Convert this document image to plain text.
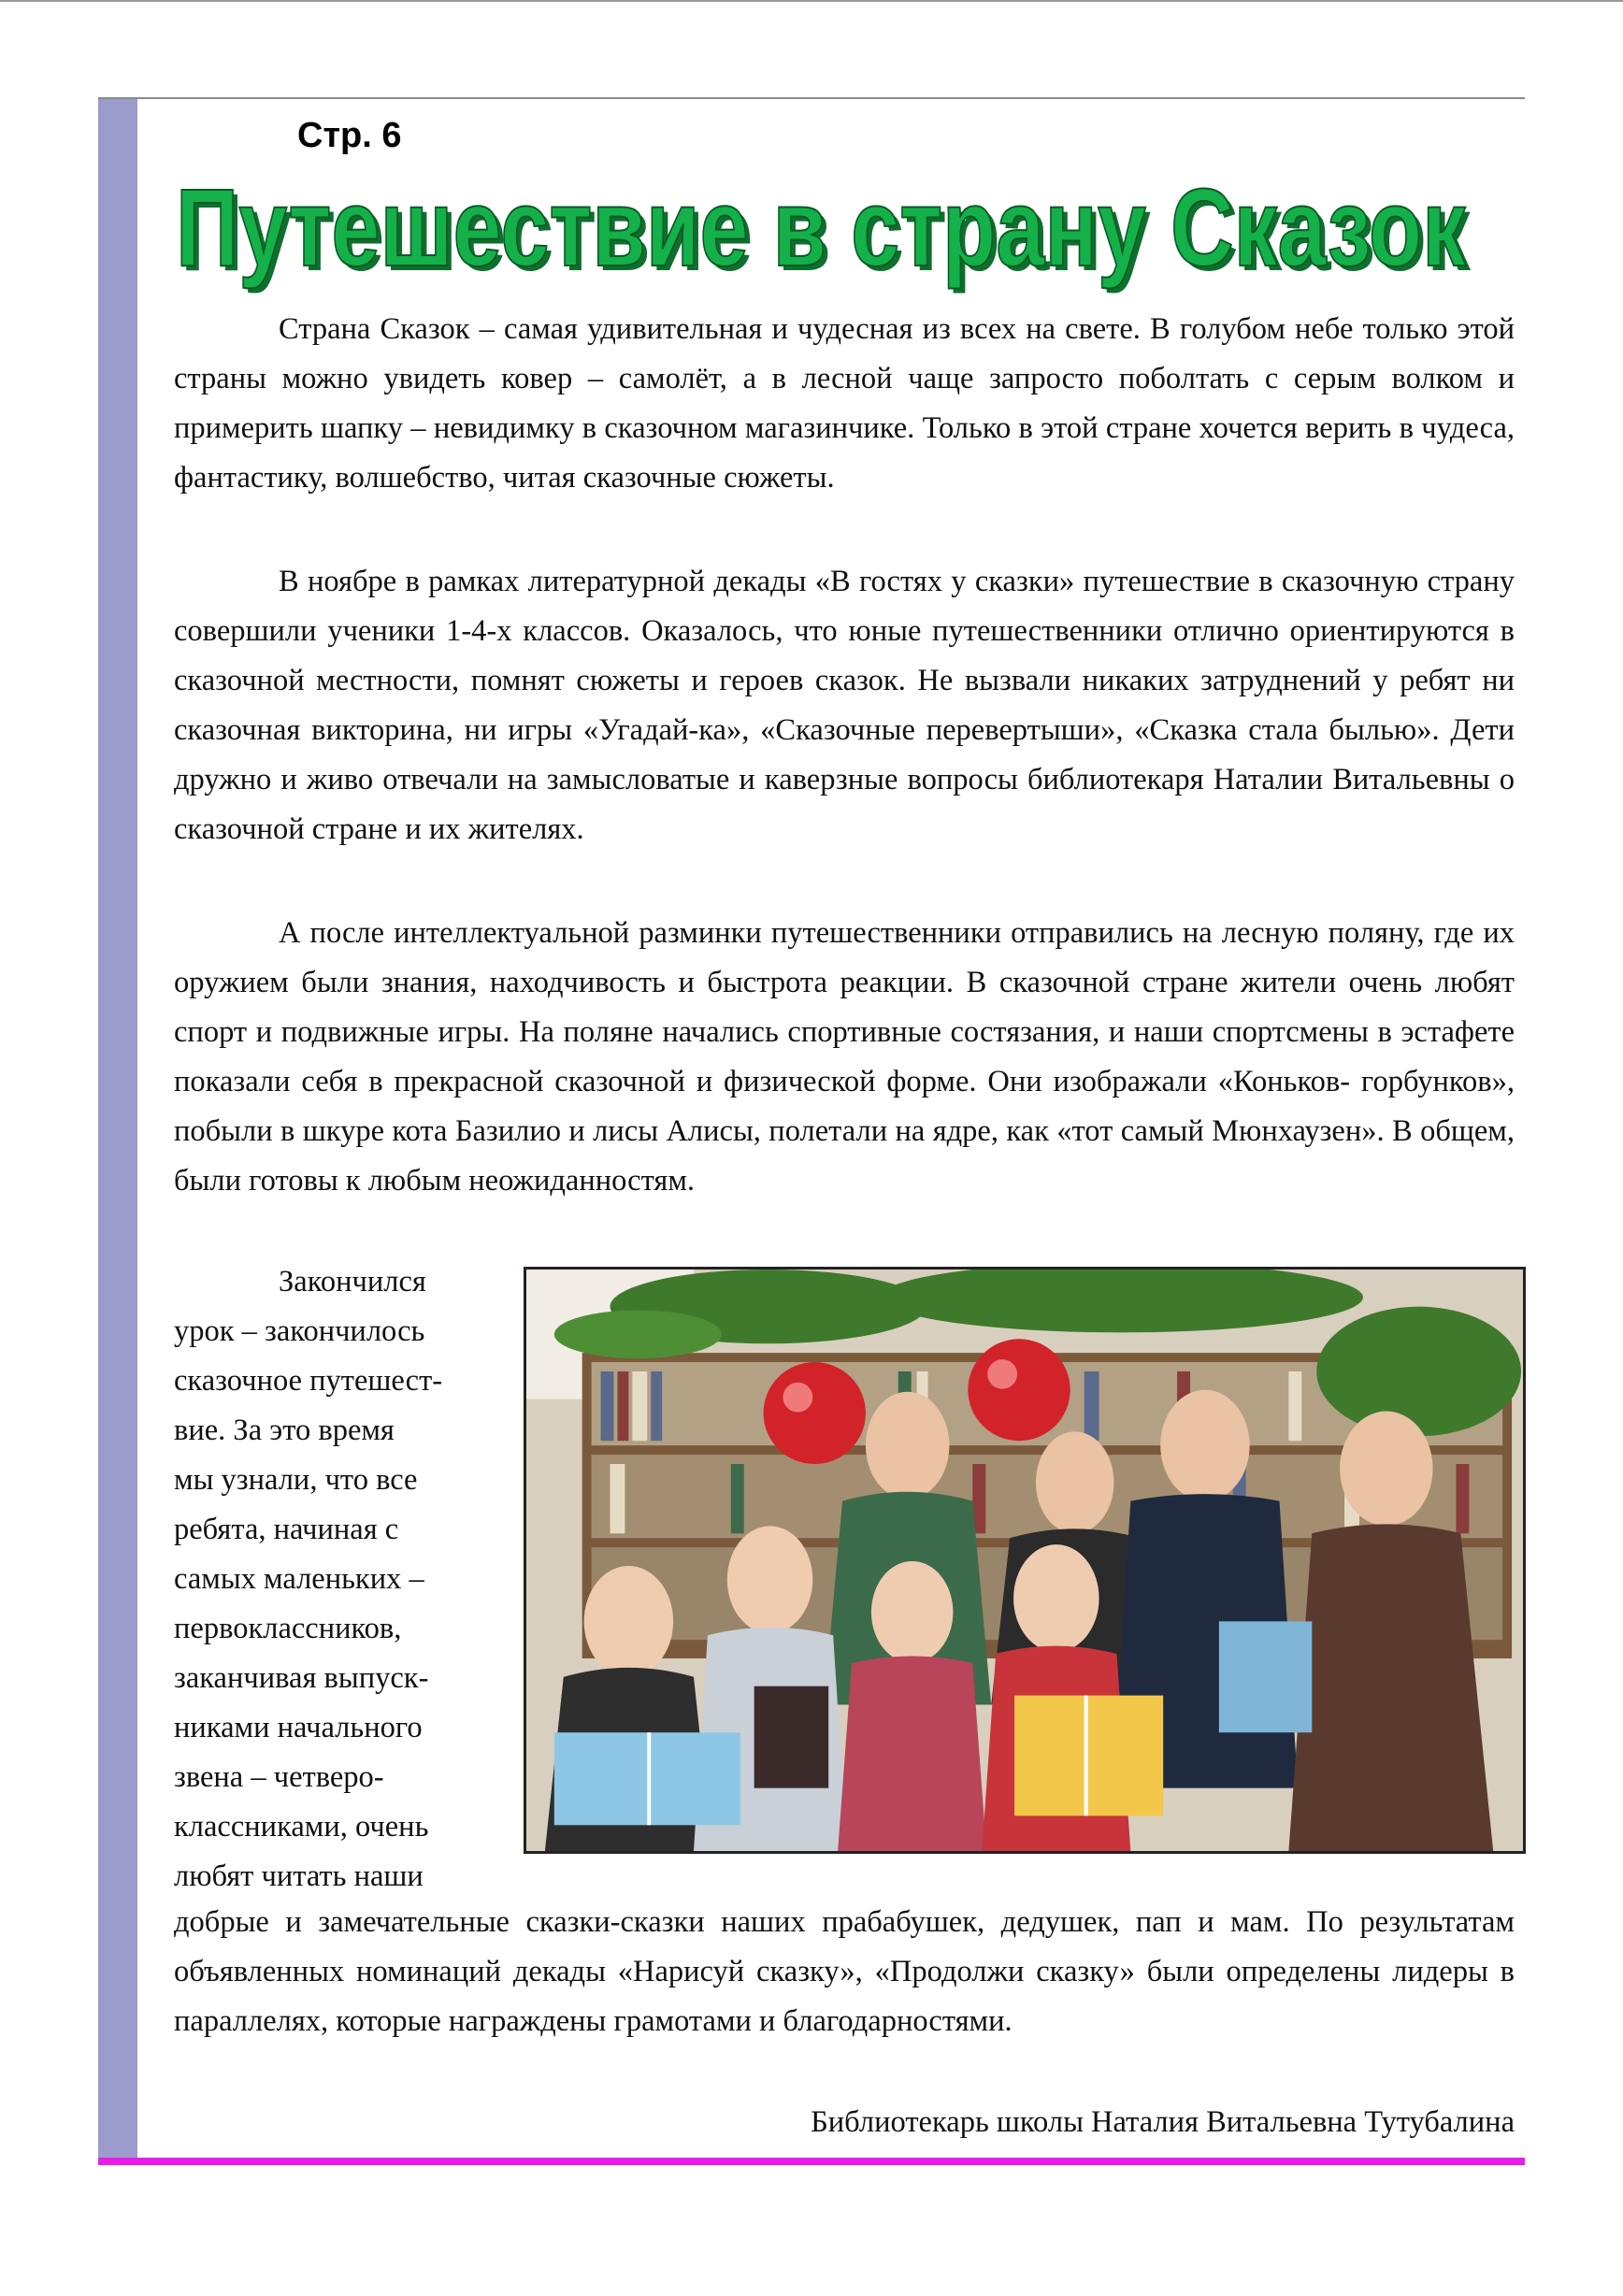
Стр. 6
Путешествие в страну Сказок
Путешествие в страну Сказок

Страна Сказок – самая удивительная и чудесная из всех на свете. В голубом небе только этой страны можно увидеть ковер – самолёт, а в лесной чаще запросто поболтать с серым волком и примерить шапку – невидимку в сказочном магазинчике. Только в этой стране хочется верить в чудеса, фантастику, волшебство, читая сказочные сюжеты.

В ноябре в рамках литературной декады «В гостях у сказки» путешествие в сказочную страну совершили ученики 1-4-х классов. Оказалось, что юные путешественники отлично ориентируются в сказочной местности, помнят сюжеты и героев сказок. Не вызвали никаких затруднений у ребят ни сказочная викторина, ни игры «Угадай-ка», «Сказочные перевертыши», «Сказка стала былью». Дети дружно и живо отвечали на замысловатые и каверзные вопросы библиотекаря Наталии Витальевны о сказочной стране и их жителях.

А после интеллектуальной разминки путешественники отправились на лесную поляну, где их оружием были знания, находчивость и быстрота реакции. В сказочной стране жители очень любят спорт и подвижные игры. На поляне начались спортивные состязания, и наши спортсмены в эстафете показали себя в прекрасной сказочной и физической форме. Они изображали «Коньков- горбунков», побыли в шкуре кота Базилио и лисы Алисы, полетали на ядре, как «тот самый Мюнхаузен». В общем, были готовы к любым неожиданностям.

Закончился
урок – закончилось
сказочное путешест-
вие. За это время
мы узнали, что все
ребята, начиная с
самых маленьких –
первоклассников,
заканчивая выпуск-
никами начального
звена – четверо-
классниками, очень
любят читать наши

добрые и замечательные сказки-сказки наших прабабушек, дедушек, пап и мам. По результатам объявленных номинаций декады «Нарисуй сказку», «Продолжи сказку» были определены лидеры в параллелях, которые награждены грамотами и благодарностями.

Библиотекарь школы Наталия Витальевна Тутубалина
